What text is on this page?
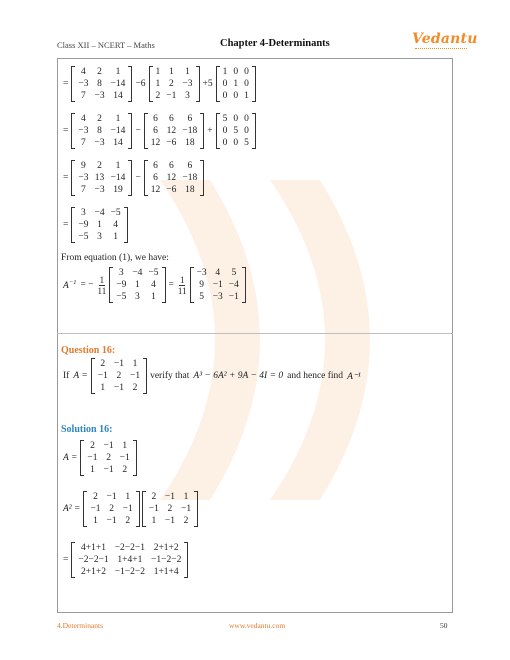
Class XII – NCERT – Maths	Chapter 4-Determinants	Vedantu
=
4	2	1
−3 8 −14
7 −3 14
−6
1 1	1
1 2 −3
2 −1 3
+5
1 0 0
0 1 0
0 0 1
=
4	2	1
−3 8 −14
7 −3 14
−
6	6	6
6 12 −18
12 −6 18
+
5 0 0
0 5 0
0 0 5
=
9	2	1
−3 13 −14
7 −3 19
−
6	6	6
6 12 −18
12 −6 18
=
3 −4 −5
−9 1	4
−5 3	1
From equation (1), we have:
$A^{-1}$ = − $\frac{1}{11}$
3 −4 −5
−9 1	4
−5 3	1
= $\frac{1}{11}$
−3 4	5
9 −1 −4
5 −3 −1
Question 16:
If A =
2 −1 1
−1 2 −1
1 −1 2
verify that A³ − 6A² + 9A − 4I = 0 and hence find A⁻¹
Solution 16:
A =
2 −1 1
−1 2 −1
1 −1 2
A² =
2 −1 1
−1 2 −1
1 −1 2
2 −1 1
−1 2 −1
1 −1 2
=
4+1+1 −2−2−1 2+1+2
−2−2−1 1+4+1 −1−2−2
2+1+2 −1−2−2 1+1+4
4.Determinants	www.vedantu.com	50
